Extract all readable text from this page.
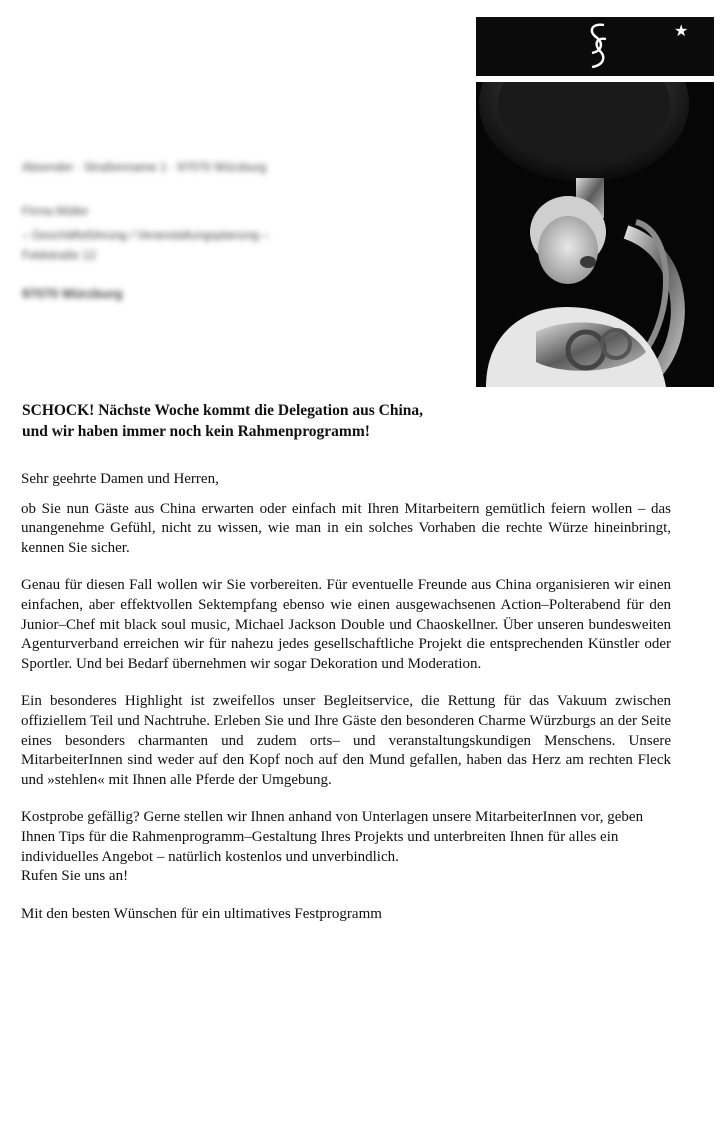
★
Absender · Straßenname 1 · 97070 Würzburg
Firma Müller
– Geschäftsführung / Veranstaltungsplanung –
Feldstraße 12
97070 Würzburg
SCHOCK! Nächste Woche kommt die Delegation aus China,
und wir haben immer noch kein Rahmenprogramm!

Sehr geehrte Damen und Herren,

ob Sie nun Gäste aus China erwarten oder einfach mit Ihren Mitarbeitern gemütlich feiern wollen – das unangenehme Gefühl, nicht zu wissen, wie man in ein solches Vorhaben die rechte Würze hineinbringt, kennen Sie sicher.

Genau für diesen Fall wollen wir Sie vorbereiten. Für eventuelle Freunde aus China organisieren wir einen einfachen, aber effektvollen Sektempfang ebenso wie einen ausgewachsenen Action–Polterabend für den Junior–Chef mit black soul music, Michael Jackson Double und Chaoskellner. Über unseren bundesweiten Agenturverband erreichen wir für nahezu jedes gesellschaftliche Projekt die entsprechenden Künstler oder Sportler. Und bei Bedarf übernehmen wir sogar Dekoration und Moderation.

Ein besonderes Highlight ist zweifellos unser Begleitservice, die Rettung für das Vakuum zwischen offiziellem Teil und Nachtruhe. Erleben Sie und Ihre Gäste den besonderen Charme Würzburgs an der Seite eines besonders charmanten und zudem orts– und veranstaltungskundigen Menschens. Unsere MitarbeiterInnen sind weder auf den Kopf noch auf den Mund gefallen, haben das Herz am rechten Fleck und »stehlen« mit Ihnen alle Pferde der Umgebung.

Kostprobe gefällig? Gerne stellen wir Ihnen anhand von Unterlagen unsere MitarbeiterInnen vor, geben Ihnen Tips für die Rahmenprogramm–Gestaltung Ihres Projekts und unterbreiten Ihnen für alles ein individuelles Angebot – natürlich kostenlos und unverbindlich.

Rufen Sie uns an!

Mit den besten Wünschen für ein ultimatives Festprogramm
